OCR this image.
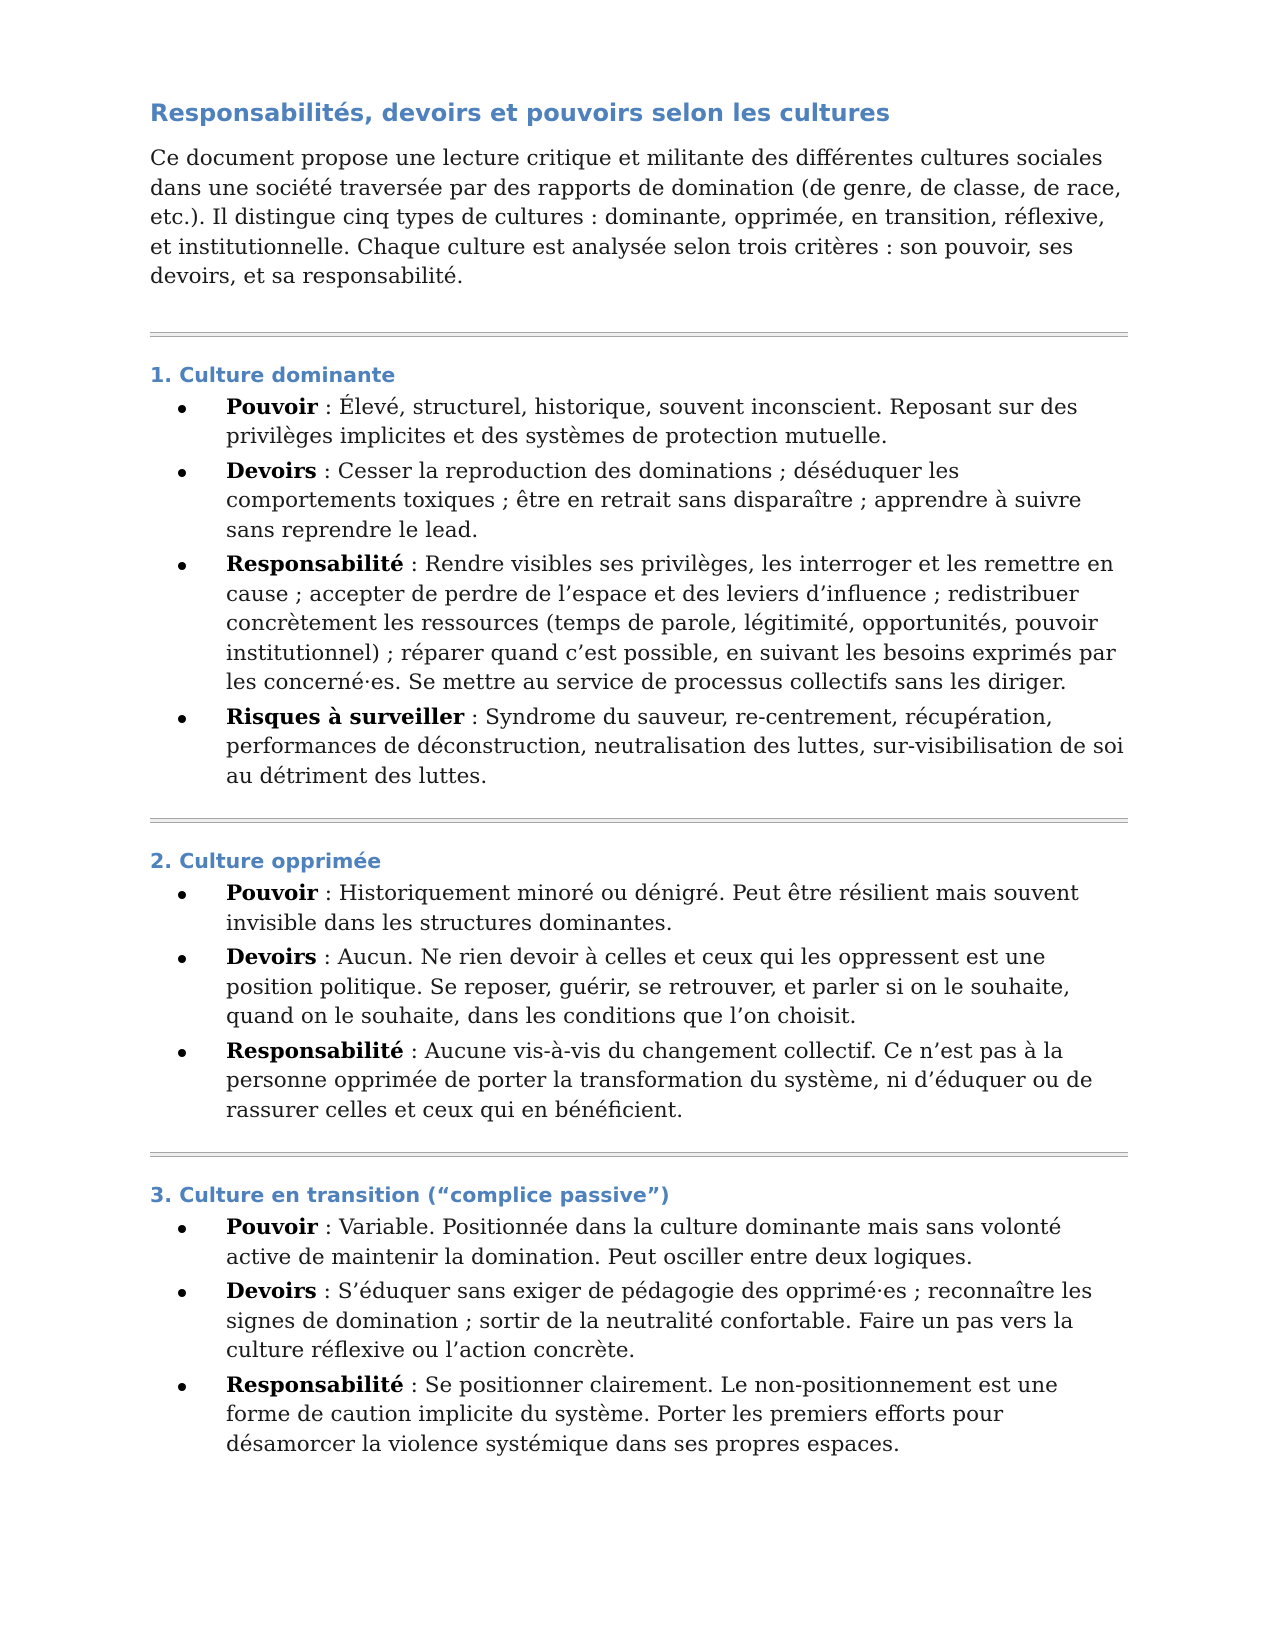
Responsabilités, devoirs et pouvoirs selon les cultures

Ce document propose une lecture critique et militante des différentes cultures sociales dans une société traversée par des rapports de domination (de genre, de classe, de race, etc.). Il distingue cinq types de cultures : dominante, opprimée, en transition, réflexive, et institutionnelle. Chaque culture est analysée selon trois critères : son pouvoir, ses devoirs, et sa responsabilité.

1. Culture dominante
Pouvoir : Élevé, structurel, historique, souvent inconscient. Reposant sur des privilèges implicites et des systèmes de protection mutuelle.
Devoirs : Cesser la reproduction des dominations ; déséduquer les comportements toxiques ; être en retrait sans disparaître ; apprendre à suivre sans reprendre le lead.
Responsabilité : Rendre visibles ses privilèges, les interroger et les remettre en cause ; accepter de perdre de l’espace et des leviers d’influence ; redistribuer concrètement les ressources (temps de parole, légitimité, opportunités, pouvoir institutionnel) ; réparer quand c’est possible, en suivant les besoins exprimés par les concerné·es. Se mettre au service de processus collectifs sans les diriger.
Risques à surveiller : Syndrome du sauveur, re-centrement, récupération, performances de déconstruction, neutralisation des luttes, sur-visibilisation de soi au détriment des luttes.
2. Culture opprimée
Pouvoir : Historiquement minoré ou dénigré. Peut être résilient mais souvent invisible dans les structures dominantes.
Devoirs : Aucun. Ne rien devoir à celles et ceux qui les oppressent est une position politique. Se reposer, guérir, se retrouver, et parler si on le souhaite, quand on le souhaite, dans les conditions que l’on choisit.
Responsabilité : Aucune vis-à-vis du changement collectif. Ce n’est pas à la personne opprimée de porter la transformation du système, ni d’éduquer ou de rassurer celles et ceux qui en bénéficient.
3. Culture en transition (“complice passive”)
Pouvoir : Variable. Positionnée dans la culture dominante mais sans volonté active de maintenir la domination. Peut osciller entre deux logiques.
Devoirs : S’éduquer sans exiger de pédagogie des opprimé·es ; reconnaître les signes de domination ; sortir de la neutralité confortable. Faire un pas vers la culture réflexive ou l’action concrète.
Responsabilité : Se positionner clairement. Le non-positionnement est une forme de caution implicite du système. Porter les premiers efforts pour désamorcer la violence systémique dans ses propres espaces.
